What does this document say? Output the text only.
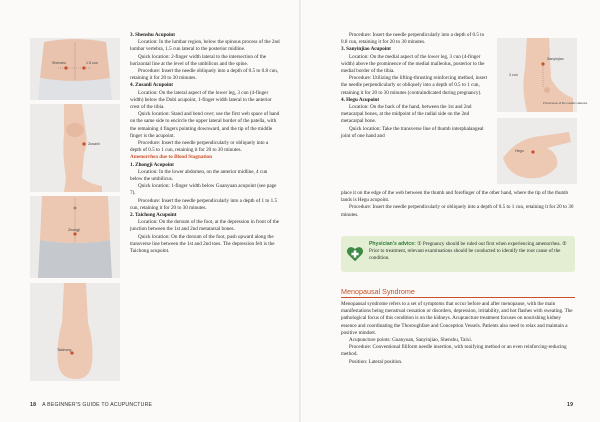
Shenshu	1.5 cun
Zusanli
Zhongji
Taichong

3. Shenshu Acupoint

Location: In the lumbar region, below the spinous process of the 2nd lumbar vertebra, 1.5 cun lateral to the posterior midline.

Quick location: 2-finger width lateral to the intersection of the horizontal line at the level of the umbilicus and the spine.

Procedure: Insert the needle obliquely into a depth of 0.5 to 0.8 cun, retaining it for 20 to 30 minutes.

4. Zusanli Acupoint

Location: On the lateral aspect of the lower leg, 3 cun (4-finger width) below the Dubi acupoint, 1-finger width lateral to the anterior crest of the tibia.

Quick location: Stand and bend over; use the first web space of hand on the same side to encircle the upper lateral border of the patella, with the remaining 4 fingers pointing downward, and the tip of the middle finger is the acupoint.

Procedure: Insert the needle perpendicularly or obliquely into a depth of 0.5 to 1 cun, retaining it for 20 to 30 minutes.

Amenorrhea due to Blood Stagnation

1. Zhongji Acupoint

Location: In the lower abdomen, on the anterior midline, 4 cun below the umbilicus.

Quick location: 1-finger width below Guanyuan acupoint (see page 7).

Procedure: Insert the needle perpendicularly into a depth of 1 to 1.5 cun, retaining it for 20 to 30 minutes.

2. Taichong Acupoint

Location: On the dorsum of the foot, at the depression in front of the junction between the 1st and 2nd metatarsal bones.

Quick location: On the dorsum of the foot, push upward along the transverse line between the 1st and 2nd toes. The depression felt is the Taichong acupoint.

18 A BEGINNER'S GUIDE TO ACUPUNCTURE

Procedure: Insert the needle perpendicularly into a depth of 0.5 to 0.8 cun, retaining it for 20 to 30 minutes.

3. Sanyinjiao Acupoint

Location: On the medial aspect of the lower leg, 3 cun (4-finger width) above the prominence of the medial malleolus, posterior to the medial border of the tibia.

Procedure: Utilizing the lifting-thrusting reinforcing method, insert the needle perpendicularly or obliquely into a depth of 0.5 to 1 cun, retaining it for 20 to 30 minutes (contraindicated during pregnancy).

4. Hegu Acupoint

Location: On the back of the hand, between the 1st and 2nd metacarpal bones, at the midpoint of the radial side on the 2nd metacarpal bone.

Quick location: Take the transverse line of thumb interphalangeal joint of one hand and

place it on the edge of the web between the thumb and forefinger of the other hand, where the tip of the thumb lands is Hegu acupoint.

Procedure: Insert the needle perpendicularly or obliquely into a depth of 0.5 to 1 cun, retaining it for 20 to 30 minutes.

Sanyinjiao
3 cun
Prominence of the medial malleolus
Hegu
Physician's advice: ① Pregnancy should be ruled out first when experiencing amenorrhea. ② Prior to treatment, relevant examinations should be conducted to identify the root cause of the condition.
Menopausal Syndrome

Menopausal syndrome refers to a set of symptoms that occur before and after menopause, with the main manifestations being menstrual cessation or disorders, depression, irritability, and hot flashes with sweating. The pathological focus of this condition is on the kidneys. Acupuncture treatment focuses on nourishing kidney essence and coordinating the Thoroughfare and Conception Vessels. Patients also need to relax and maintain a positive mindset.

Acupuncture points: Guanyuan, Sanyinjiao, Shenshu, Taixi.

Procedure: Conventional filiform needle insertion, with tonifying method or an even reinforcing-reducing method.

Position: Lateral position.

19
